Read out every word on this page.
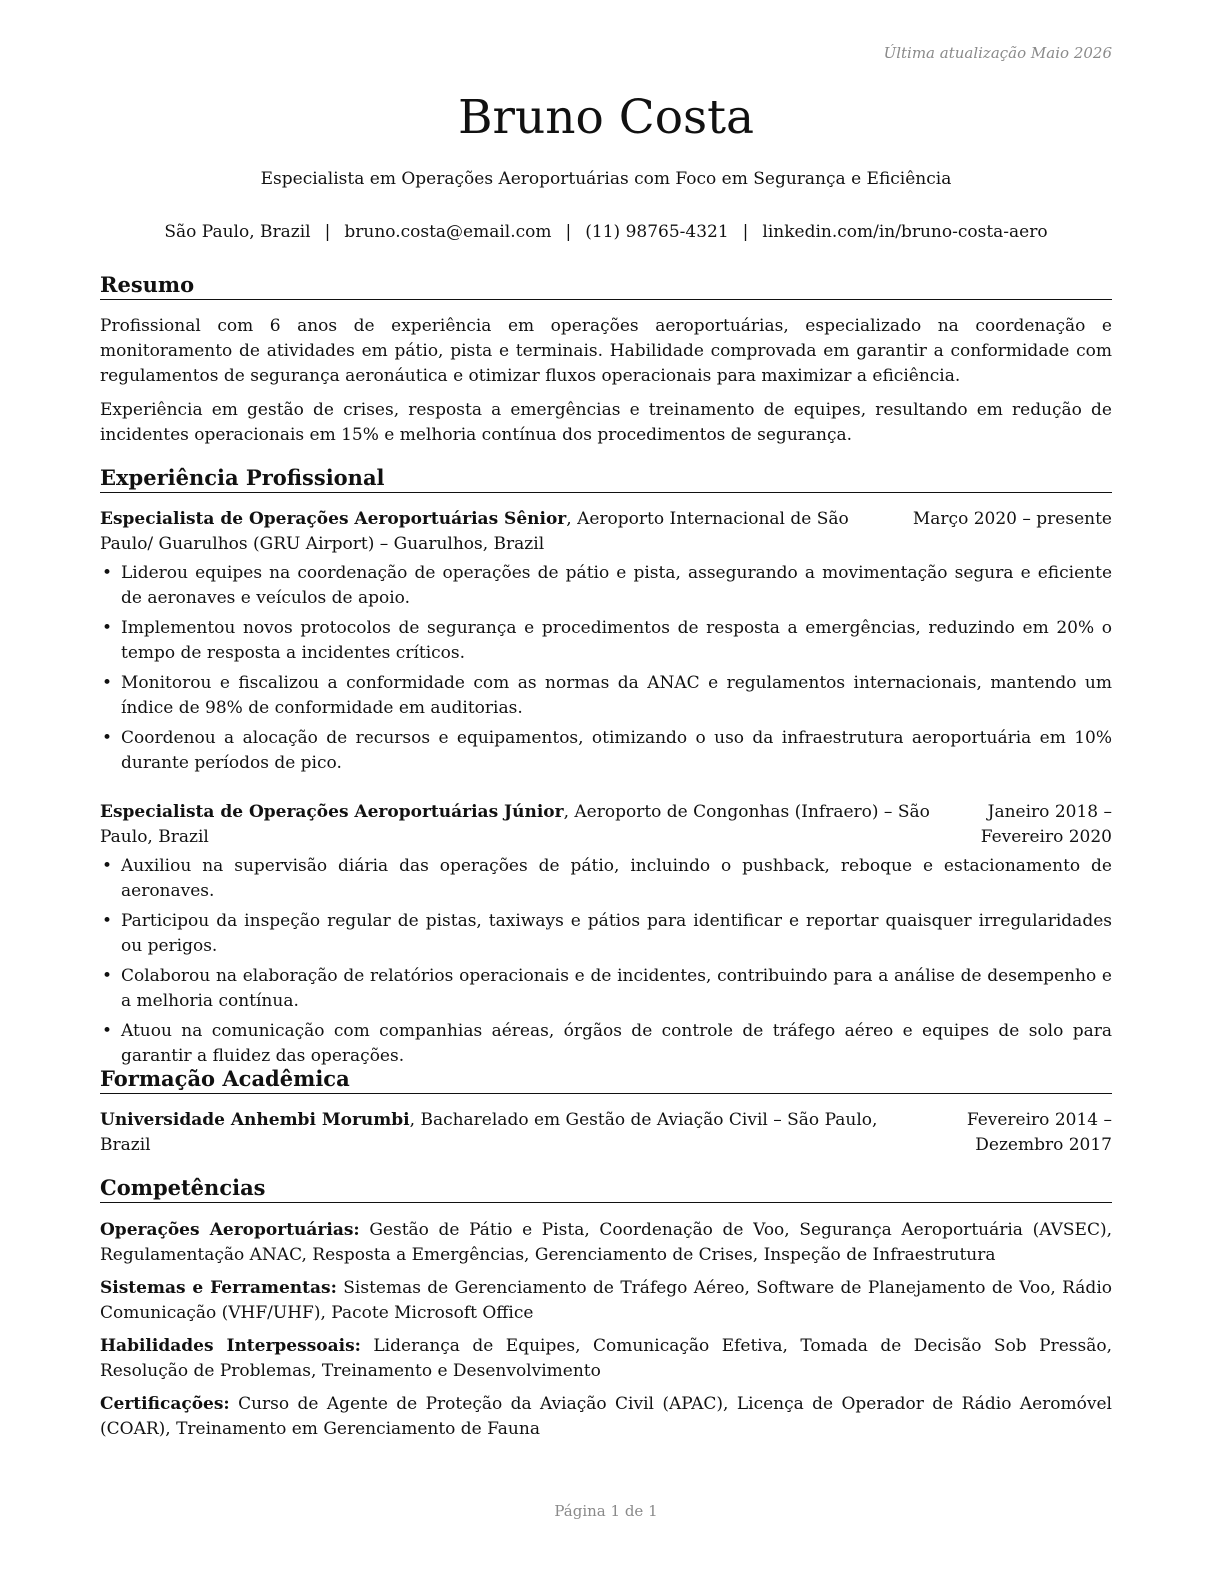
Última atualização Maio 2026
Bruno Costa
Especialista em Operações Aeroportuárias com Foco em Segurança e Eficiência
São Paulo, Brazil | bruno.costa@email.com | (11) 98765-4321 | linkedin.com/in/bruno-costa-aero
Resumo

Profissional com 6 anos de experiência em operações aeroportuárias, especializado na coordenação e monitoramento de atividades em pátio, pista e terminais. Habilidade comprovada em garantir a conformidade com regulamentos de segurança aeronáutica e otimizar fluxos operacionais para maximizar a eficiência.

Experiência em gestão de crises, resposta a emergências e treinamento de equipes, resultando em redução de incidentes operacionais em 15% e melhoria contínua dos procedimentos de segurança.

Experiência Profissional
Especialista de Operações Aeroportuárias Sênior, Aeroporto Internacional de São Paulo/ Guarulhos (GRU Airport) – Guarulhos, Brazil
Março 2020 – presente
• Liderou equipes na coordenação de operações de pátio e pista, assegurando a movimentação segura e eficiente de aeronaves e veículos de apoio.
• Implementou novos protocolos de segurança e procedimentos de resposta a emergências, reduzindo em 20% o tempo de resposta a incidentes críticos.
• Monitorou e fiscalizou a conformidade com as normas da ANAC e regulamentos internacionais, mantendo um índice de 98% de conformidade em auditorias.
• Coordenou a alocação de recursos e equipamentos, otimizando o uso da infraestrutura aeroportuária em 10% durante períodos de pico.
Especialista de Operações Aeroportuárias Júnior, Aeroporto de Congonhas (Infraero) – São Paulo, Brazil
Janeiro 2018 – Fevereiro 2020
• Auxiliou na supervisão diária das operações de pátio, incluindo o pushback, reboque e estacionamento de aeronaves.
• Participou da inspeção regular de pistas, taxiways e pátios para identificar e reportar quaisquer irregularidades ou perigos.
• Colaborou na elaboração de relatórios operacionais e de incidentes, contribuindo para a análise de desempenho e a melhoria contínua.
• Atuou na comunicação com companhias aéreas, órgãos de controle de tráfego aéreo e equipes de solo para garantir a fluidez das operações.
Formação Acadêmica
Universidade Anhembi Morumbi, Bacharelado em Gestão de Aviação Civil – São Paulo, Brazil
Fevereiro 2014 – Dezembro 2017
Competências

Operações Aeroportuárias: Gestão de Pátio e Pista, Coordenação de Voo, Segurança Aeroportuária (AVSEC), Regulamentação ANAC, Resposta a Emergências, Gerenciamento de Crises, Inspeção de Infraestrutura

Sistemas e Ferramentas: Sistemas de Gerenciamento de Tráfego Aéreo, Software de Planejamento de Voo, Rádio Comunicação (VHF/UHF), Pacote Microsoft Office

Habilidades Interpessoais: Liderança de Equipes, Comunicação Efetiva, Tomada de Decisão Sob Pressão, Resolução de Problemas, Treinamento e Desenvolvimento

Certificações: Curso de Agente de Proteção da Aviação Civil (APAC), Licença de Operador de Rádio Aeromóvel (COAR), Treinamento em Gerenciamento de Fauna

Página 1 de 1
